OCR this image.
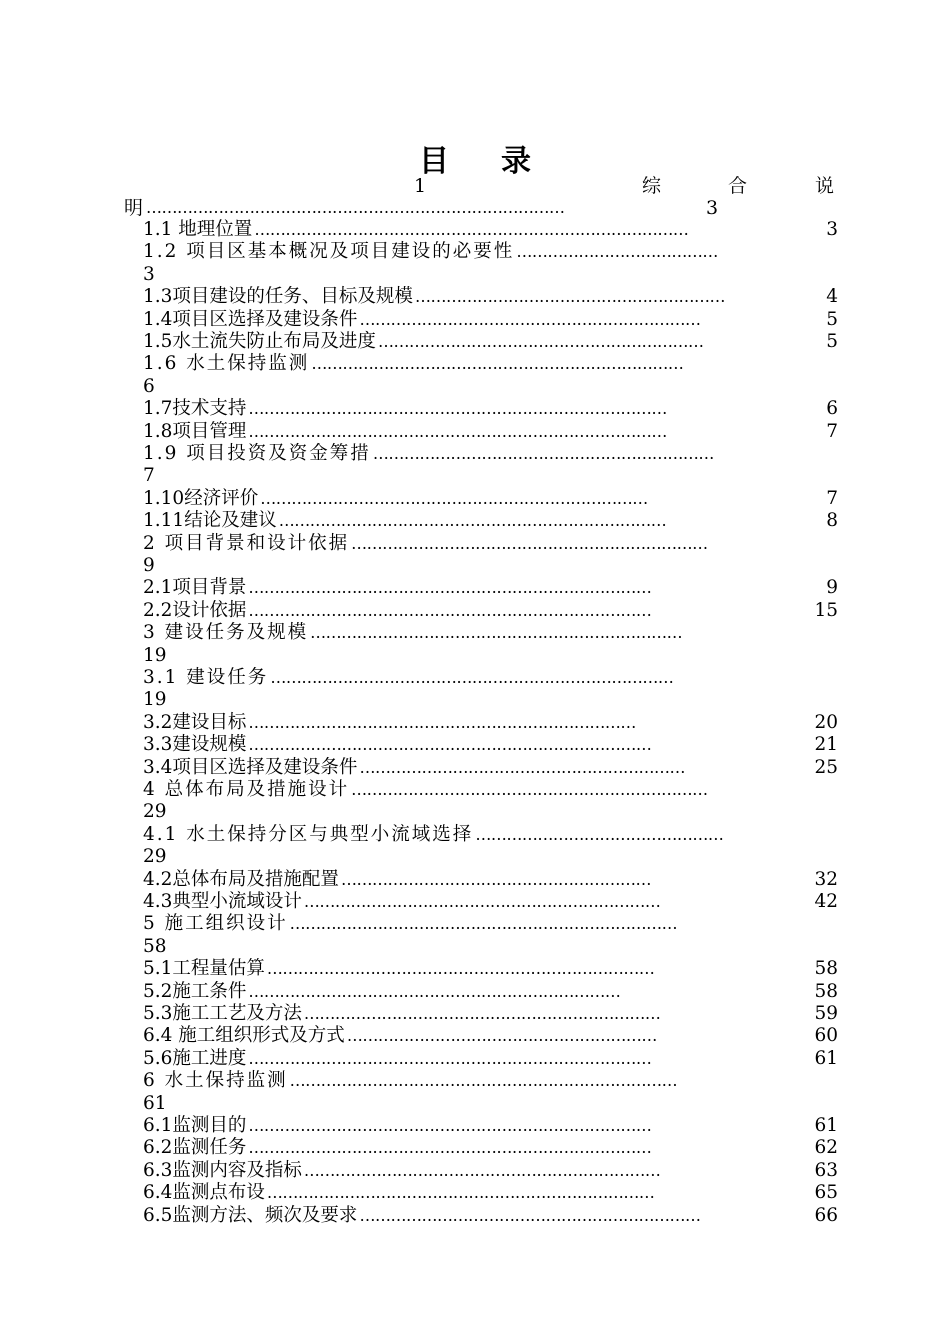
目 录
1	综	合	说
明 ………………………………………………………………………	3
1.1 地理位置 …………………………………………………………………………	3
1.2 项目区基本概况及项目建设的必要性 …………………………………
3
1.3项目建设的任务、目标及规模 ……………………………………………………	4
1.4项目区选择及建设条件 …………………………………………………………	5
1.5水土流失防止布局及进度 ………………………………………………………	5
1.6 水土保持监测 ………………………………………………………………
6
1.7技术支持 ………………………………………………………………………	6
1.8项目管理 ………………………………………………………………………	7
1.9 项目投资及资金筹措 …………………………………………………………
7
1.10经济评价 …………………………………………………………………	7
1.11结论及建议 …………………………………………………………………	8
2 项目背景和设计依据 ……………………………………………………………
9
2.1项目背景 ……………………………………………………………………	9
2.2设计依据 ……………………………………………………………………	15
3 建设任务及规模 ………………………………………………………………
19
3.1 建设任务 ……………………………………………………………………
19
3.2建设目标 …………………………………………………………………	20
3.3建设规模 ……………………………………………………………………	21
3.4项目区选择及建设条件 ………………………………………………………	25
4 总体布局及措施设计 ……………………………………………………………
29
4.1 水土保持分区与典型小流域选择 …………………………………………
29
4.2总体布局及措施配置 ……………………………………………………	32
4.3典型小流域设计 ……………………………………………………………	42
5 施工组织设计 …………………………………………………………………
58
5.1工程量估算 …………………………………………………………………	58
5.2施工条件 ………………………………………………………………	58
5.3施工工艺及方法 ……………………………………………………………	59
6.4 施工组织形式及方式 ……………………………………………………	60
5.6施工进度 ……………………………………………………………………	61
6 水土保持监测 …………………………………………………………………
61
6.1监测目的 ……………………………………………………………………	61
6.2监测任务 ……………………………………………………………………	62
6.3监测内容及指标 ……………………………………………………………	63
6.4监测点布设 …………………………………………………………………	65
6.5监测方法、频次及要求 …………………………………………………………	66
